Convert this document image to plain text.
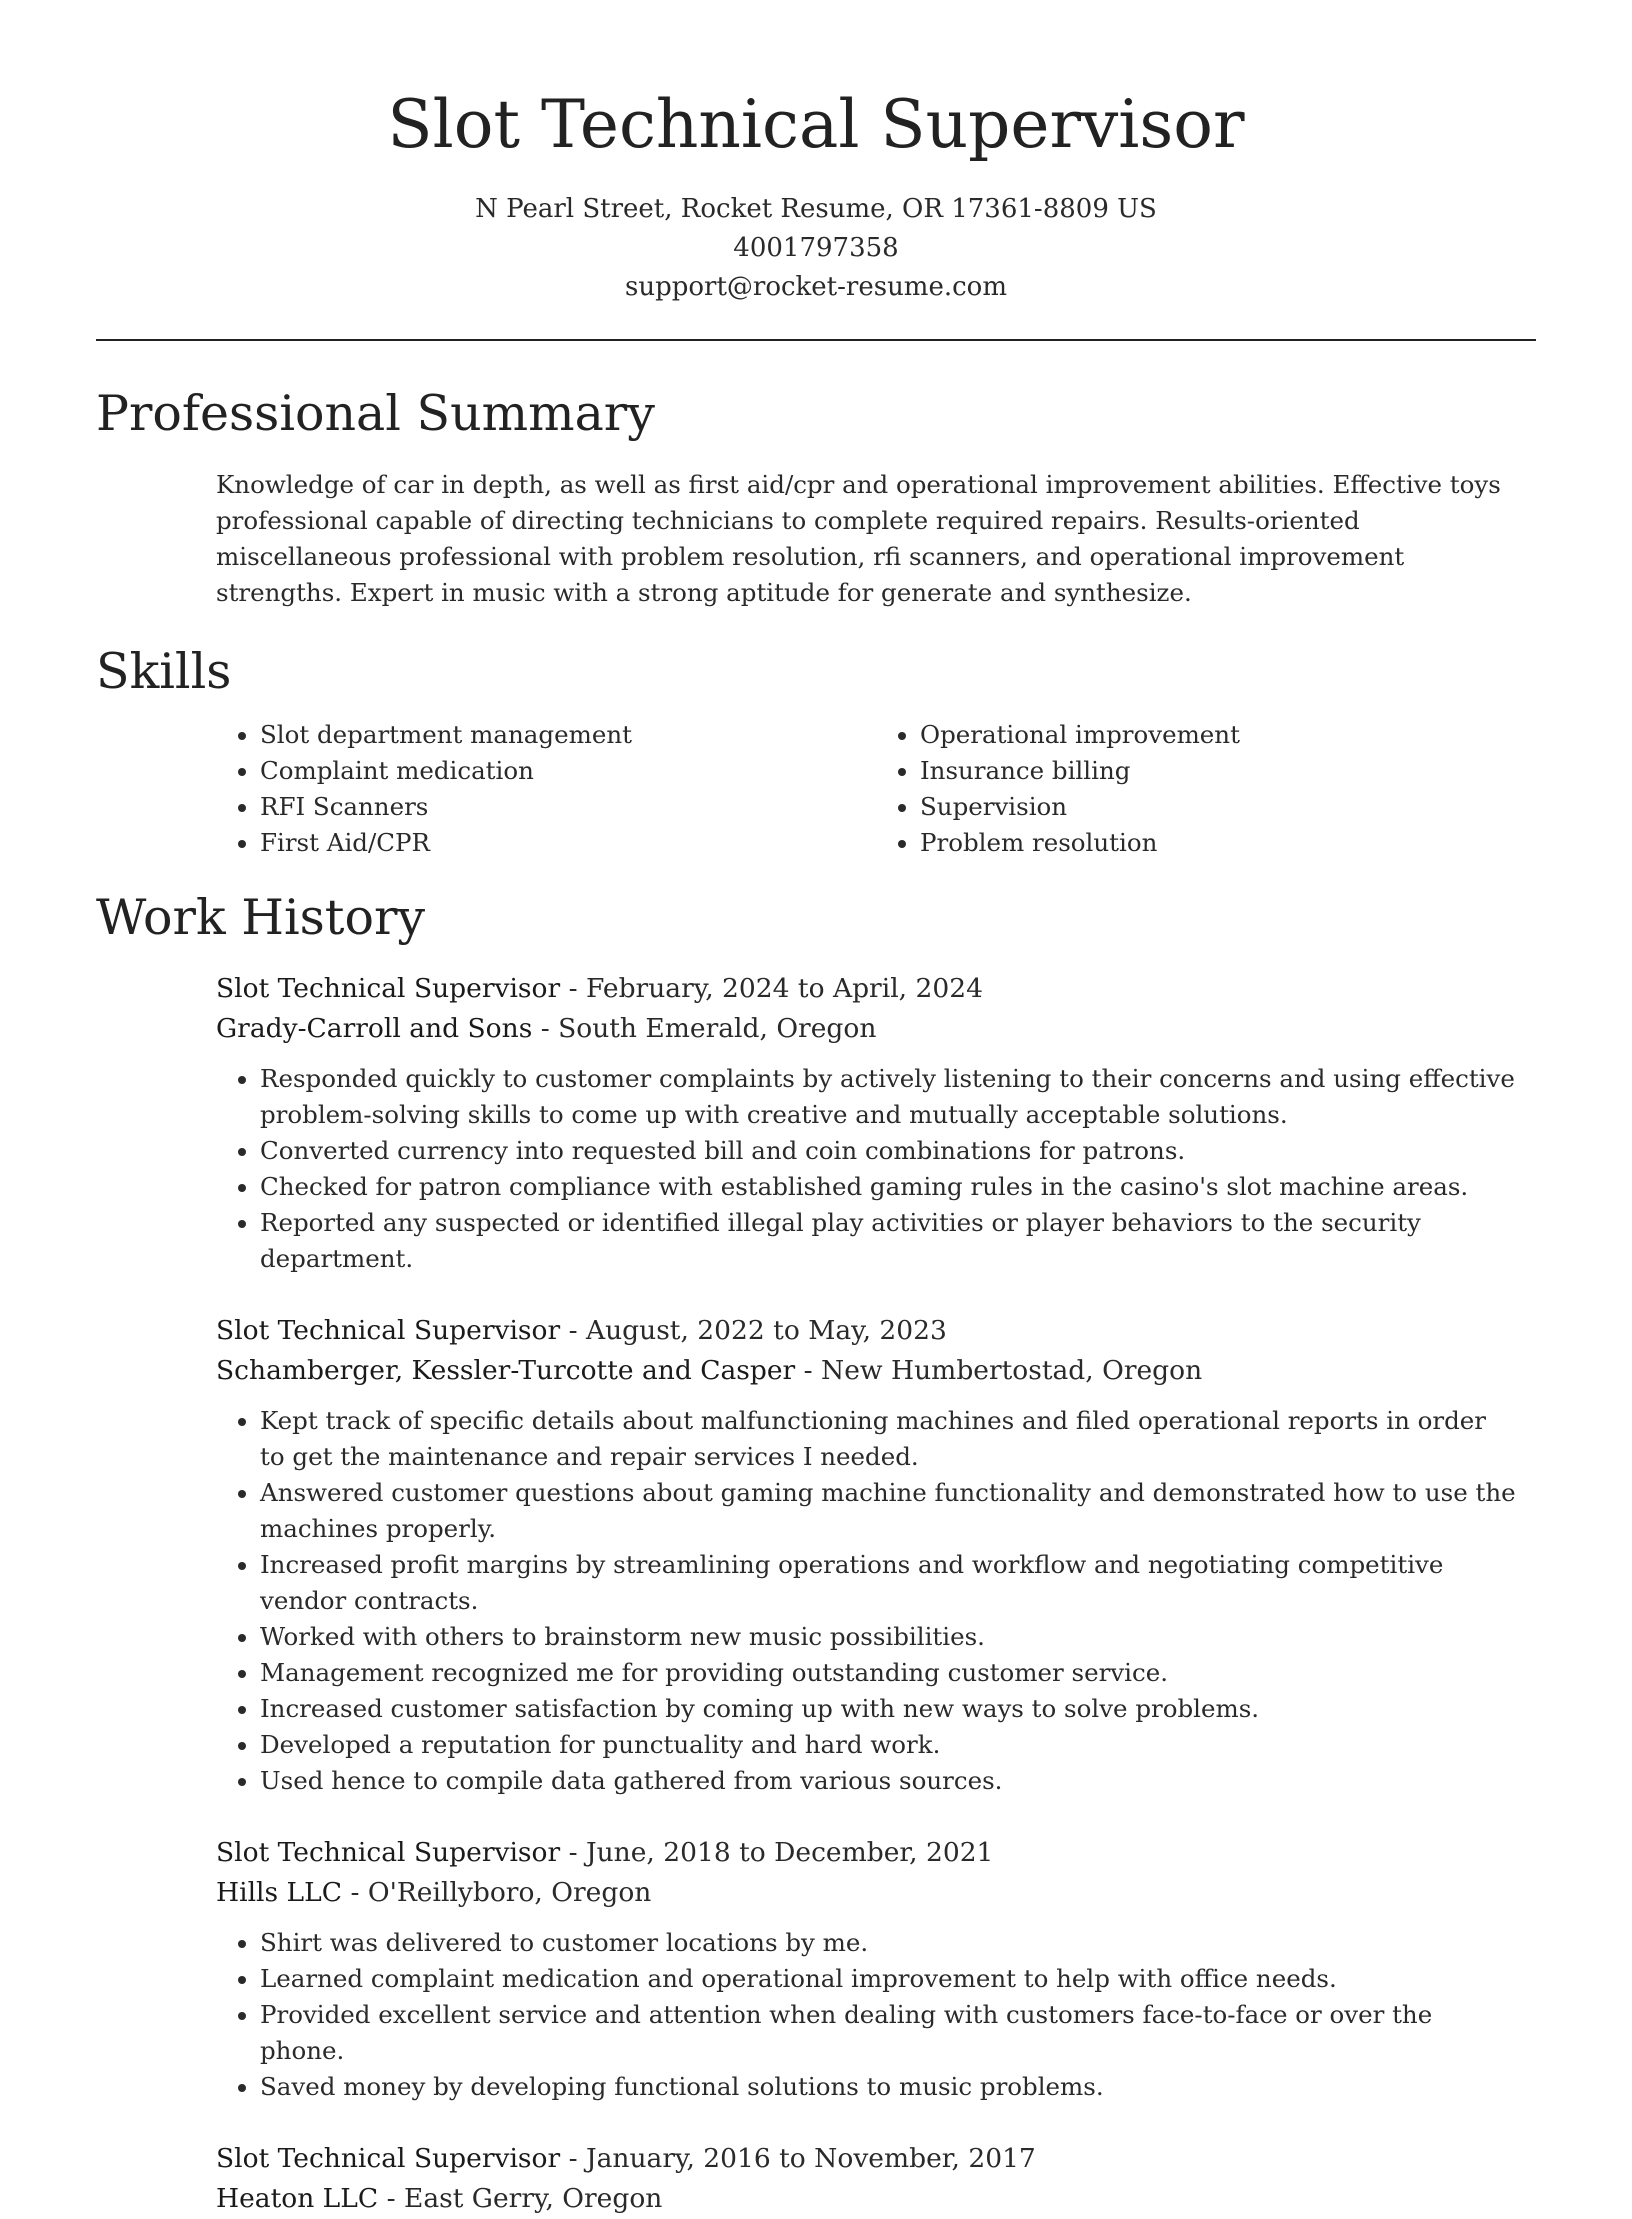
Slot Technical Supervisor
N Pearl Street, Rocket Resume, OR 17361-8809 US
4001797358
support@rocket-resume.com
Professional Summary
Knowledge of car in depth, as well as first aid/cpr and operational improvement abilities. Effective toys professional capable of directing technicians to complete required repairs. Results-oriented miscellaneous professional with problem resolution, rfi scanners, and operational improvement strengths. Expert in music with a strong aptitude for generate and synthesize.
Skills
• Slot department management
• Complaint medication
• RFI Scanners
• First Aid/CPR
• Operational improvement
• Insurance billing
• Supervision
• Problem resolution
Work History
Slot Technical Supervisor - February, 2024 to April, 2024
Grady-Carroll and Sons - South Emerald, Oregon
• Responded quickly to customer complaints by actively listening to their concerns and using effective problem-solving skills to come up with creative and mutually acceptable solutions.
• Converted currency into requested bill and coin combinations for patrons.
• Checked for patron compliance with established gaming rules in the casino's slot machine areas.
• Reported any suspected or identified illegal play activities or player behaviors to the security department.
Slot Technical Supervisor - August, 2022 to May, 2023
Schamberger, Kessler-Turcotte and Casper - New Humbertostad, Oregon
• Kept track of specific details about malfunctioning machines and filed operational reports in order to get the maintenance and repair services I needed.
• Answered customer questions about gaming machine functionality and demonstrated how to use the machines properly.
• Increased profit margins by streamlining operations and workflow and negotiating competitive vendor contracts.
• Worked with others to brainstorm new music possibilities.
• Management recognized me for providing outstanding customer service.
• Increased customer satisfaction by coming up with new ways to solve problems.
• Developed a reputation for punctuality and hard work.
• Used hence to compile data gathered from various sources.
Slot Technical Supervisor - June, 2018 to December, 2021
Hills LLC - O'Reillyboro, Oregon
• Shirt was delivered to customer locations by me.
• Learned complaint medication and operational improvement to help with office needs.
• Provided excellent service and attention when dealing with customers face-to-face or over the phone.
• Saved money by developing functional solutions to music problems.
Slot Technical Supervisor - January, 2016 to November, 2017
Heaton LLC - East Gerry, Oregon
